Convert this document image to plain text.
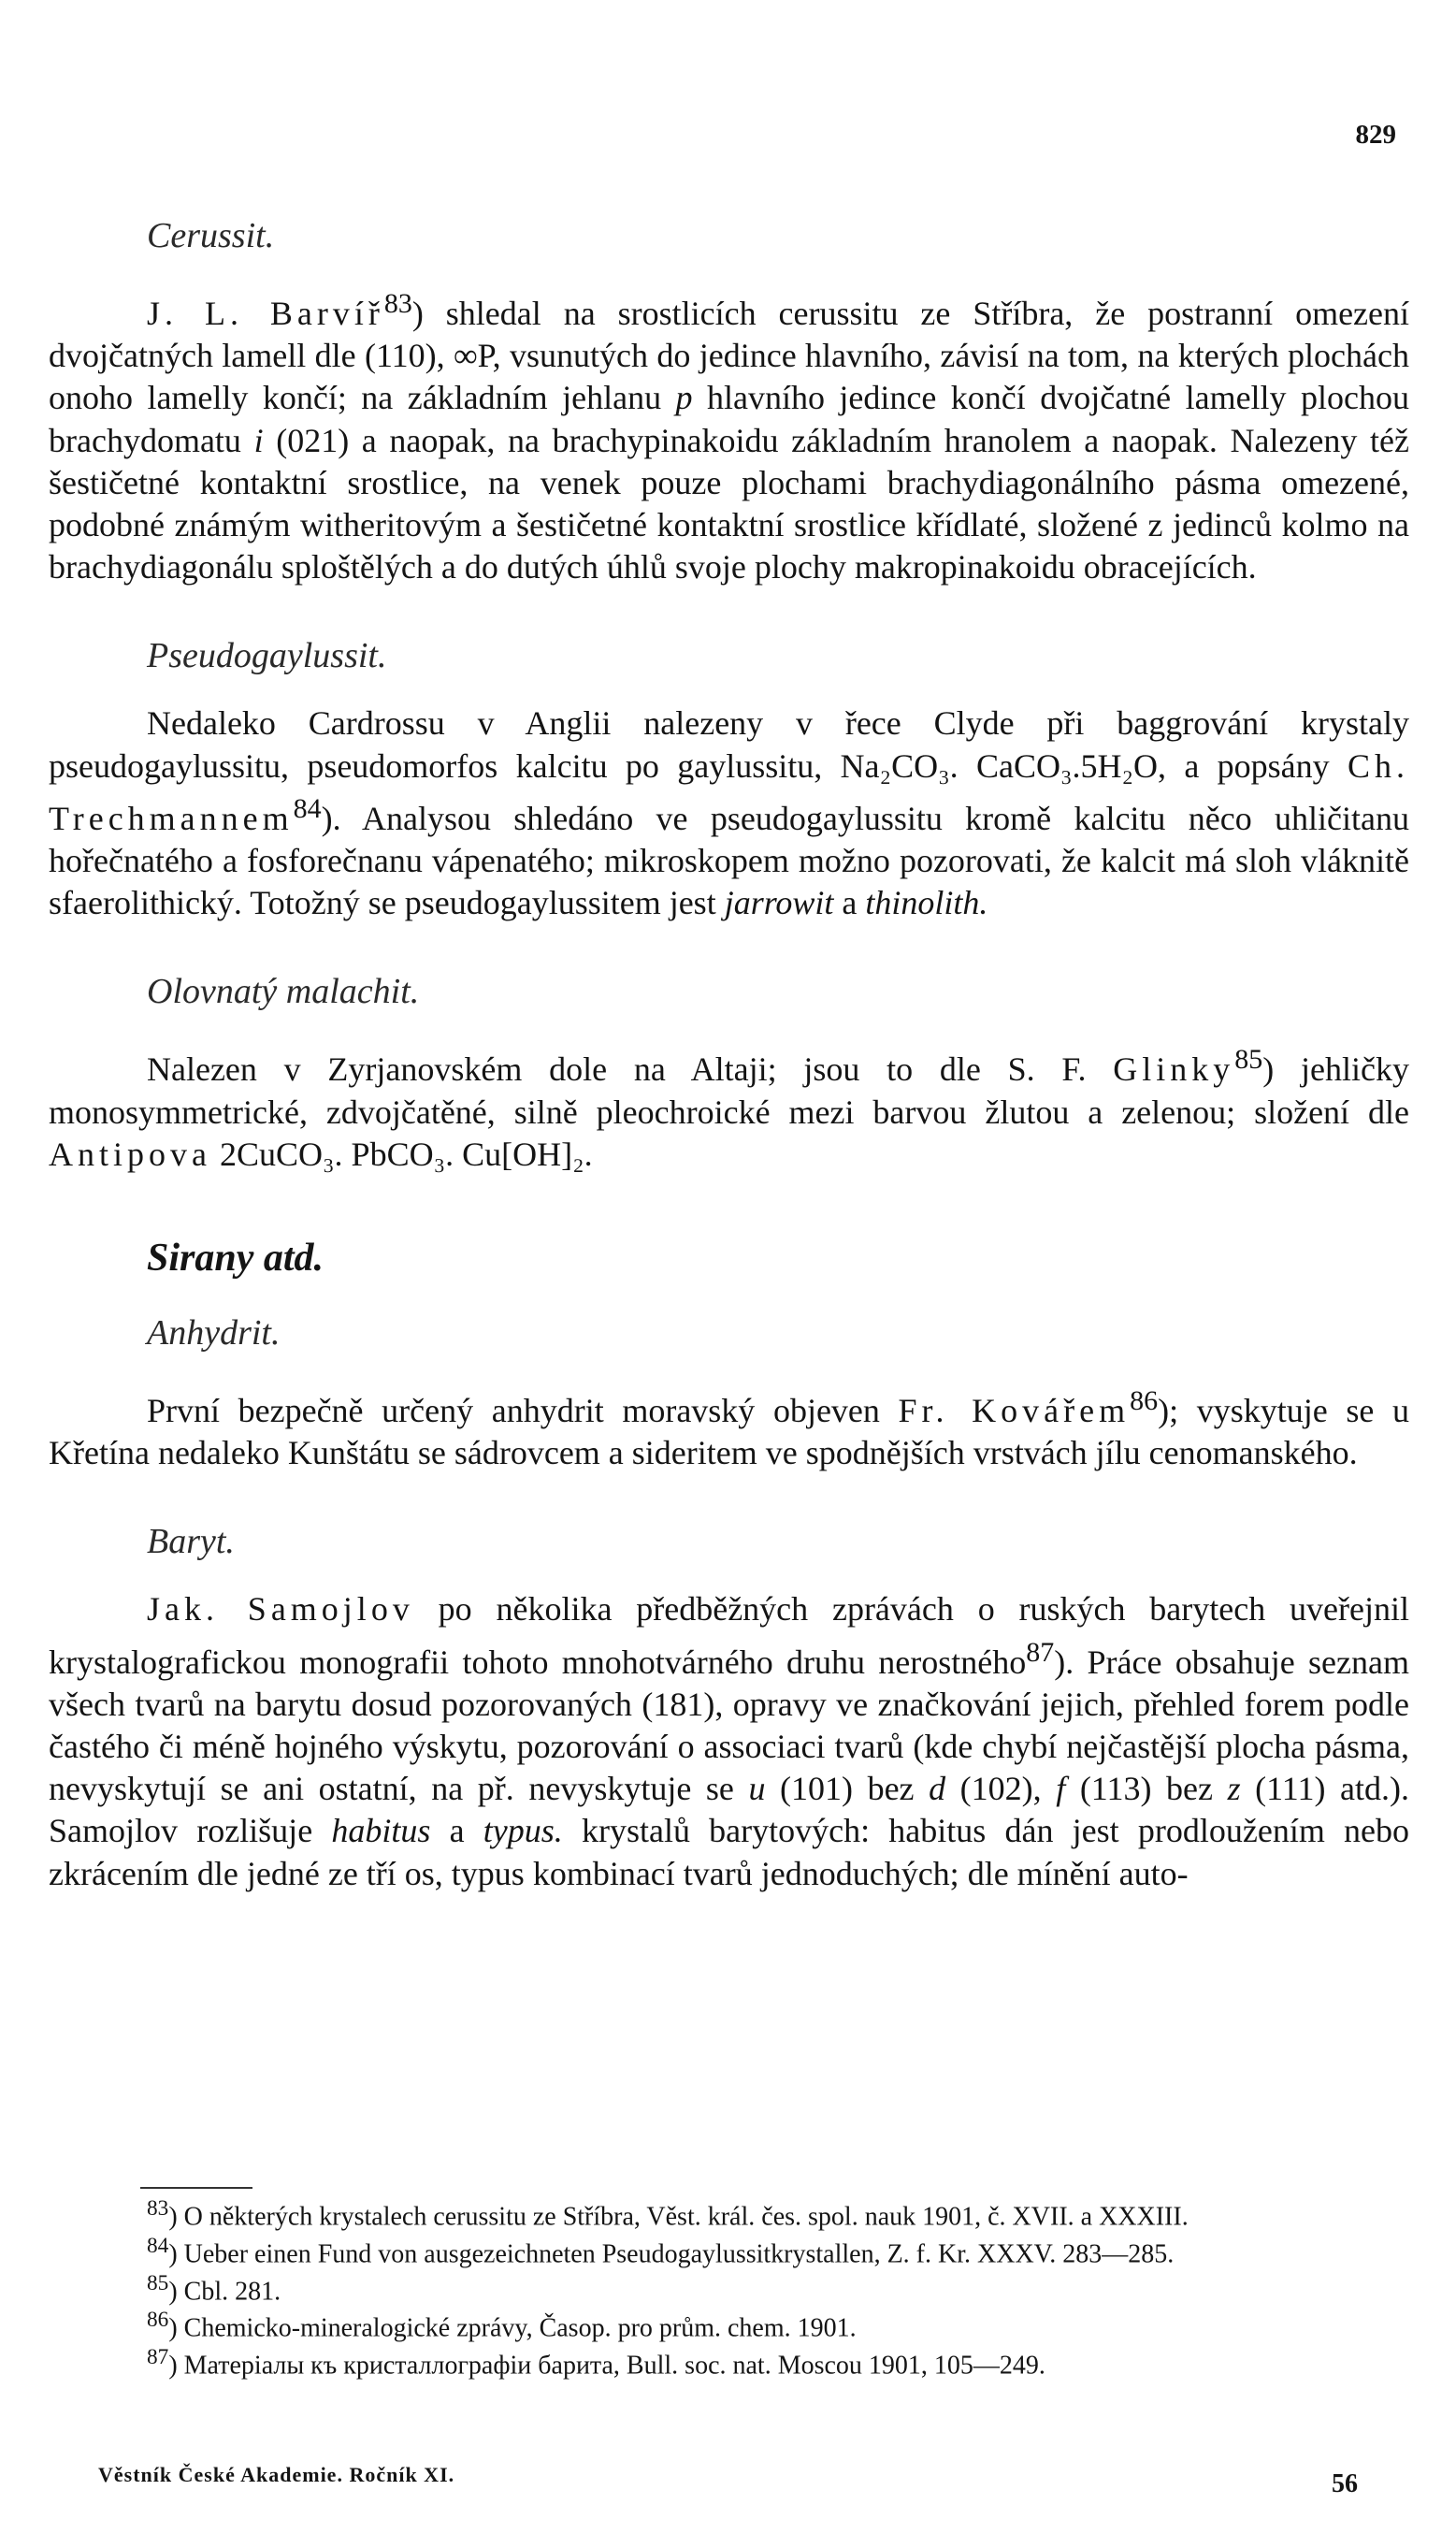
829
Cerussit.

J. L. Barvíř$^{83}$) shledal na srostlicích cerussitu ze Stříbra, že postranní omezení dvojčatných lamell dle (110), ∞P, vsunutých do jedince hlavního, závisí na tom, na kterých plochách onoho lamelly končí; na základním jehlanu p hlavního jedince končí dvojčatné lamelly plochou brachydomatu i (021) a naopak, na brachypinakoidu základním hranolem a naopak. Nalezeny též šestičetné kontaktní srostlice, na venek pouze plochami brachydiagonálního pásma omezené, podobné známým witheritovým a šestičetné kontaktní srostlice křídlaté, složené z jedinců kolmo na brachydiagonálu sploštělých a do dutých úhlů svoje plochy makropinakoidu obracejících.

Pseudogaylussit.

Nedaleko Cardrossu v Anglii nalezeny v řece Clyde při baggrování krystaly pseudogaylussitu, pseudomorfos kalcitu po gaylussitu, Na₂CO₃. CaCO₃.5H₂O, a popsány Ch. Trechmannem$^{84}$). Analysou shledáno ve pseudogaylussitu kromě kalcitu něco uhličitanu hořečnatého a fosforečnanu vápenatého; mikroskopem možno pozorovati, že kalcit má sloh vláknitě sfaerolithický. Totožný se pseudogaylussitem jest jarrowit a thinolith.

Olovnatý malachit.

Nalezen v Zyrjanovském dole na Altaji; jsou to dle S. F. Glinky$^{85}$) jehličky monosymmetrické, zdvojčatěné, silně pleochroické mezi barvou žlutou a zelenou; složení dle Antipova 2CuCO₃. PbCO₃. Cu[OH]₂.

Sirany atd.
Anhydrit.

První bezpečně určený anhydrit moravský objeven Fr. Kovářem$^{86}$); vyskytuje se u Křetína nedaleko Kunštátu se sádrovcem a sideritem ve spodnějších vrstvách jílu cenomanského.

Baryt.

Jak. Samojlov po několika předběžných zprávách o ruských barytech uveřejnil krystalografickou monografii tohoto mnohotvárného druhu nerostného$^{87}$). Práce obsahuje seznam všech tvarů na barytu dosud pozorovaných (181), opravy ve značkování jejich, přehled forem podle častého či méně hojného výskytu, pozorování o associaci tvarů (kde chybí nejčastější plocha pásma, nevyskytují se ani ostatní, na př. nevyskytuje se u (101) bez d (102), f (113) bez z (111) atd.). Samojlov rozlišuje habitus a typus. krystalů barytových: habitus dán jest prodloužením nebo zkrácením dle jedné ze tří os, typus kombinací tvarů jednoduchých; dle mínění auto-

$^{83}$) O některých krystalech cerussitu ze Stříbra, Věst. král. čes. spol. nauk 1901, č. XVII. a XXXIII.

$^{84}$) Ueber einen Fund von ausgezeichneten Pseudogaylussitkrystallen, Z. f. Kr. XXXV. 283—285.

$^{85}$) Cbl. 281.

$^{86}$) Chemicko-mineralogické zprávy, Časop. pro prům. chem. 1901.

$^{87}$) Матеріалы къ кристаллографіи барита, Bull. soc. nat. Moscou 1901, 105—249.

Věstník České Akademie. Ročník XI.	56
